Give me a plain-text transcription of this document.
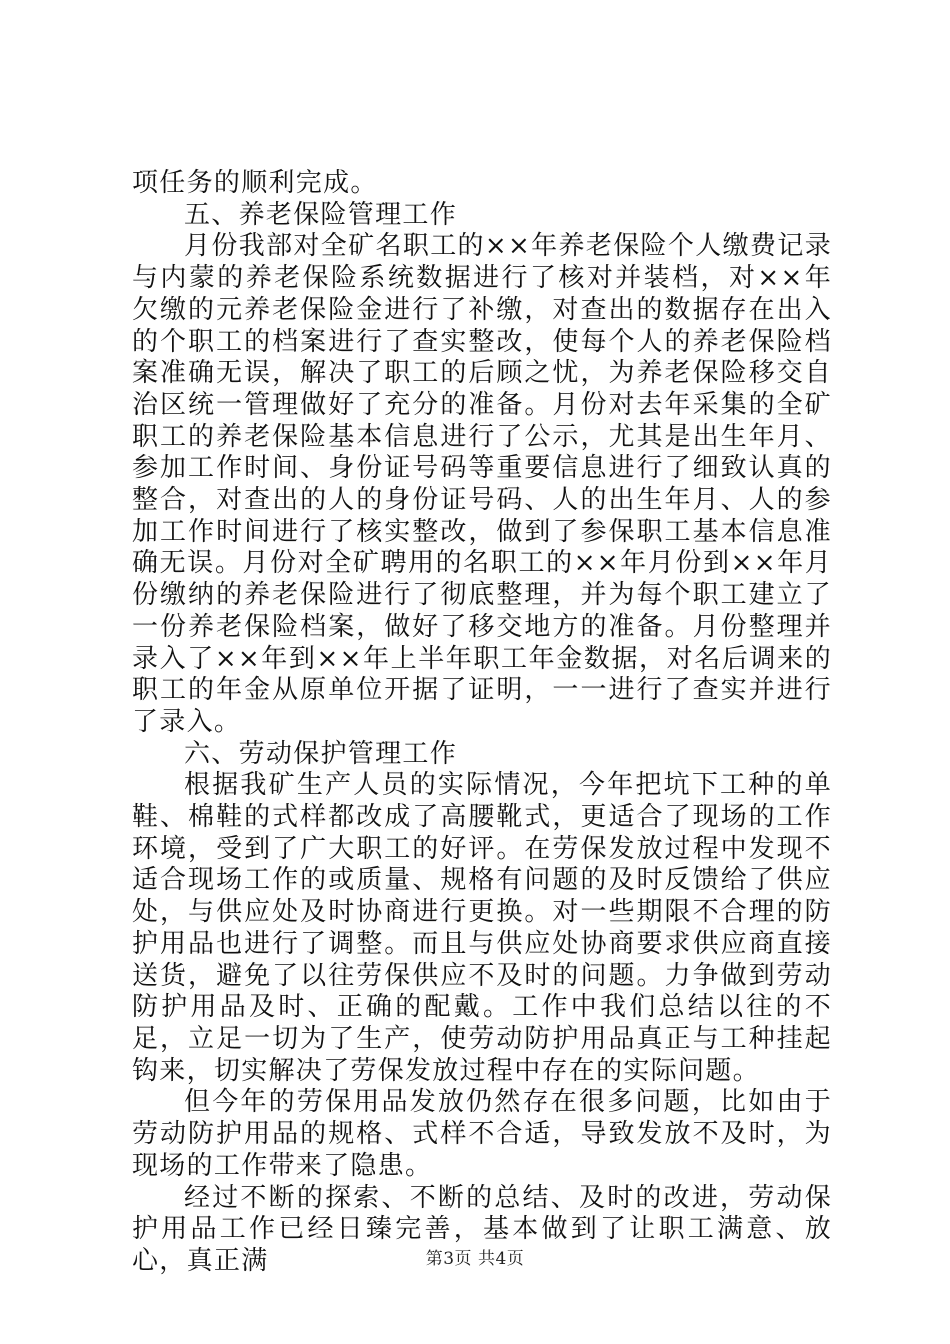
项任务的顺利完成。

五、养老保险管理工作

月份我部对全矿名职工的××年养老保险个人缴费记录与内蒙的养老保险系统数据进行了核对并装档，对××年欠缴的元养老保险金进行了补缴，对查出的数据存在出入的个职工的档案进行了查实整改，使每个人的养老保险档案准确无误，解决了职工的后顾之忧，为养老保险移交自治区统一管理做好了充分的准备。月份对去年采集的全矿职工的养老保险基本信息进行了公示，尤其是出生年月、参加工作时间、身份证号码等重要信息进行了细致认真的整合，对查出的人的身份证号码、人的出生年月、人的参加工作时间进行了核实整改，做到了参保职工基本信息准确无误。月份对全矿聘用的名职工的××年月份到××年月份缴纳的养老保险进行了彻底整理，并为每个职工建立了一份养老保险档案，做好了移交地方的准备。月份整理并录入了××年到××年上半年职工年金数据，对名后调来的职工的年金从原单位开据了证明，一一进行了查实并进行了录入。

六、劳动保护管理工作

根据我矿生产人员的实际情况，今年把坑下工种的单鞋、棉鞋的式样都改成了高腰靴式，更适合了现场的工作环境，受到了广大职工的好评。在劳保发放过程中发现不适合现场工作的或质量、规格有问题的及时反馈给了供应处，与供应处及时协商进行更换。对一些期限不合理的防护用品也进行了调整。而且与供应处协商要求供应商直接送货，避免了以往劳保供应不及时的问题。力争做到劳动防护用品及时、正确的配戴。工作中我们总结以往的不足，立足一切为了生产，使劳动防护用品真正与工种挂起钩来，切实解决了劳保发放过程中存在的实际问题。

但今年的劳保用品发放仍然存在很多问题，比如由于劳动防护用品的规格、式样不合适，导致发放不及时，为现场的工作带来了隐患。

经过不断的探索、不断的总结、及时的改进，劳动保护用品工作已经日臻完善，基本做到了让职工满意、放心，真正满	第3页 共4页
